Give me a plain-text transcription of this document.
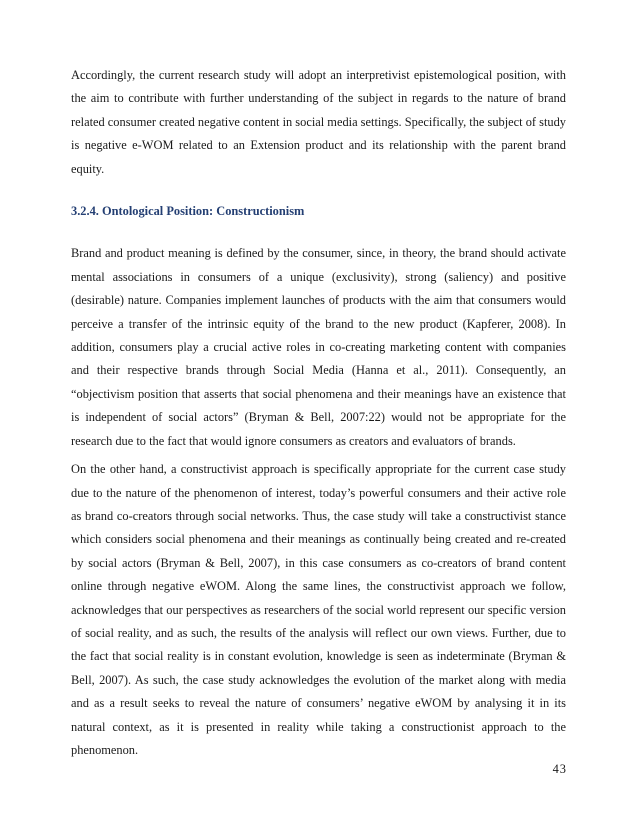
Accordingly, the current research study will adopt an interpretivist epistemological position, with the aim to contribute with further understanding of the subject in regards to the nature of brand related consumer created negative content in social media settings. Specifically, the subject of study is negative e-WOM related to an Extension product and its relationship with the parent brand equity.

3.2.4. Ontological Position: Constructionism

Brand and product meaning is defined by the consumer, since, in theory, the brand should activate mental associations in consumers of a unique (exclusivity), strong (saliency) and positive (desirable) nature. Companies implement launches of products with the aim that consumers would perceive a transfer of the intrinsic equity of the brand to the new product (Kapferer, 2008). In addition, consumers play a crucial active roles in co-creating marketing content with companies and their respective brands through Social Media (Hanna et al., 2011). Consequently, an “objectivism position that asserts that social phenomena and their meanings have an existence that is independent of social actors” (Bryman & Bell, 2007:22) would not be appropriate for the research due to the fact that would ignore consumers as creators and evaluators of brands.

On the other hand, a constructivist approach is specifically appropriate for the current case study due to the nature of the phenomenon of interest, today’s powerful consumers and their active role as brand co-creators through social networks. Thus, the case study will take a constructivist stance which considers social phenomena and their meanings as continually being created and re-created by social actors (Bryman & Bell, 2007), in this case consumers as co-creators of brand content online through negative eWOM. Along the same lines, the constructivist approach we follow, acknowledges that our perspectives as researchers of the social world represent our specific version of social reality, and as such, the results of the analysis will reflect our own views. Further, due to the fact that social reality is in constant evolution, knowledge is seen as indeterminate (Bryman & Bell, 2007). As such, the case study acknowledges the evolution of the market along with media and as a result seeks to reveal the nature of consumers’ negative eWOM by analysing it in its natural context, as it is presented in reality while taking a constructionist approach to the phenomenon.

43
